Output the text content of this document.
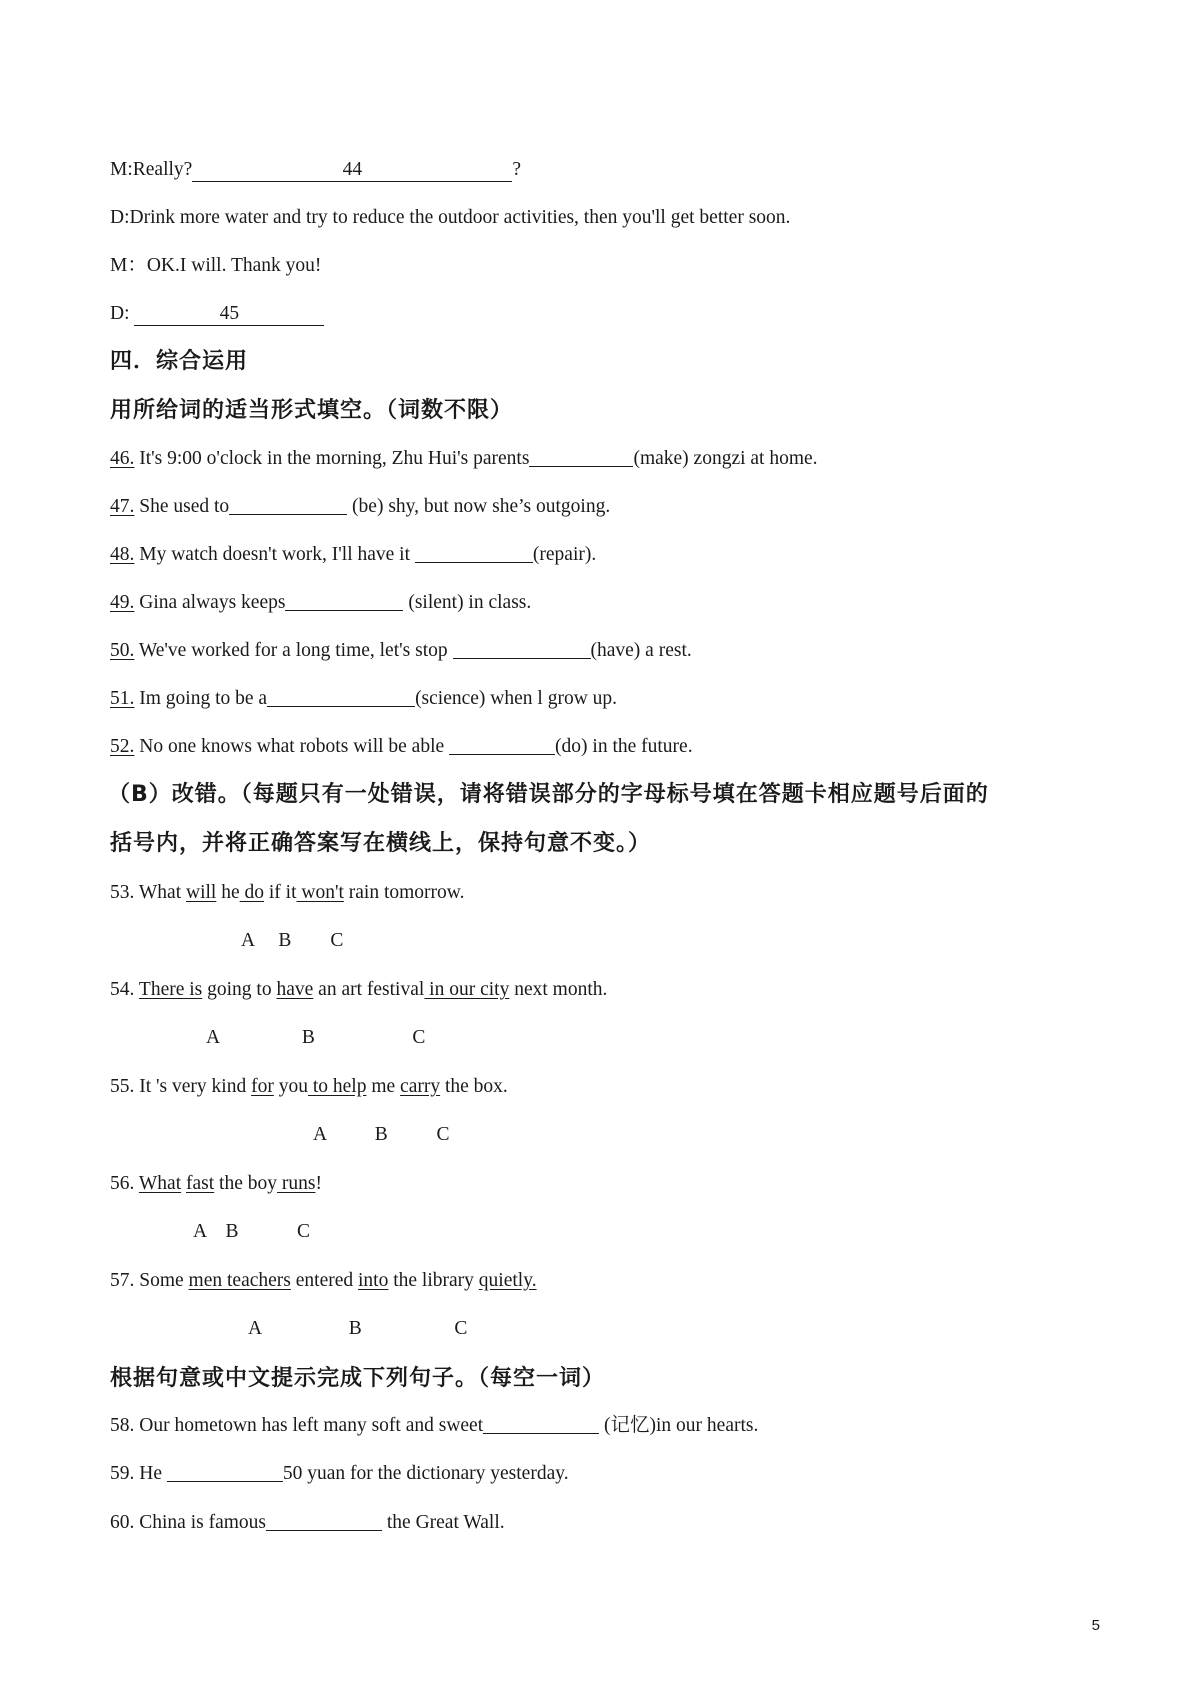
M:Really?	44	?
D:Drink more water and try to reduce the outdoor activities, then you'll get better soon.
M：OK.I will. Thank you!
D:	45
四．综合运用
用所给词的适当形式填空。（词数不限）
46. It's 9:00 o'clock in the morning, Zhu Hui's parents	(make) zongzi at home.
47. She used to	(be) shy, but now she’s outgoing.
48. My watch doesn't work, I'll have it	(repair).
49. Gina always keeps	(silent) in class.
50. We've worked for a long time, let's stop	(have) a rest.
51. Im going to be a	(science) when l grow up.
52. No one knows what robots will be able	(do) in the future.
（B）改错。（每题只有一处错误，请将错误部分的字母标号填在答题卡相应题号后面的
括号内，并将正确答案写在横线上，保持句意不变。）
53. What will he do if it won't rain tomorrow.
A     B        C
54. There is going to have an art festival in our city next month.
A                 B                    C
55. It 's very kind for you to help me carry the box.
A          B          C
56. What fast the boy runs!
A    B            C
57. Some men teachers entered into the library quietly.
A                  B                   C
根据句意或中文提示完成下列句子。（每空一词）
58. Our hometown has left many soft and sweet	(记忆)in our hearts.
59. He	50 yuan for the dictionary yesterday.
60. China is famous	the Great Wall.
5
